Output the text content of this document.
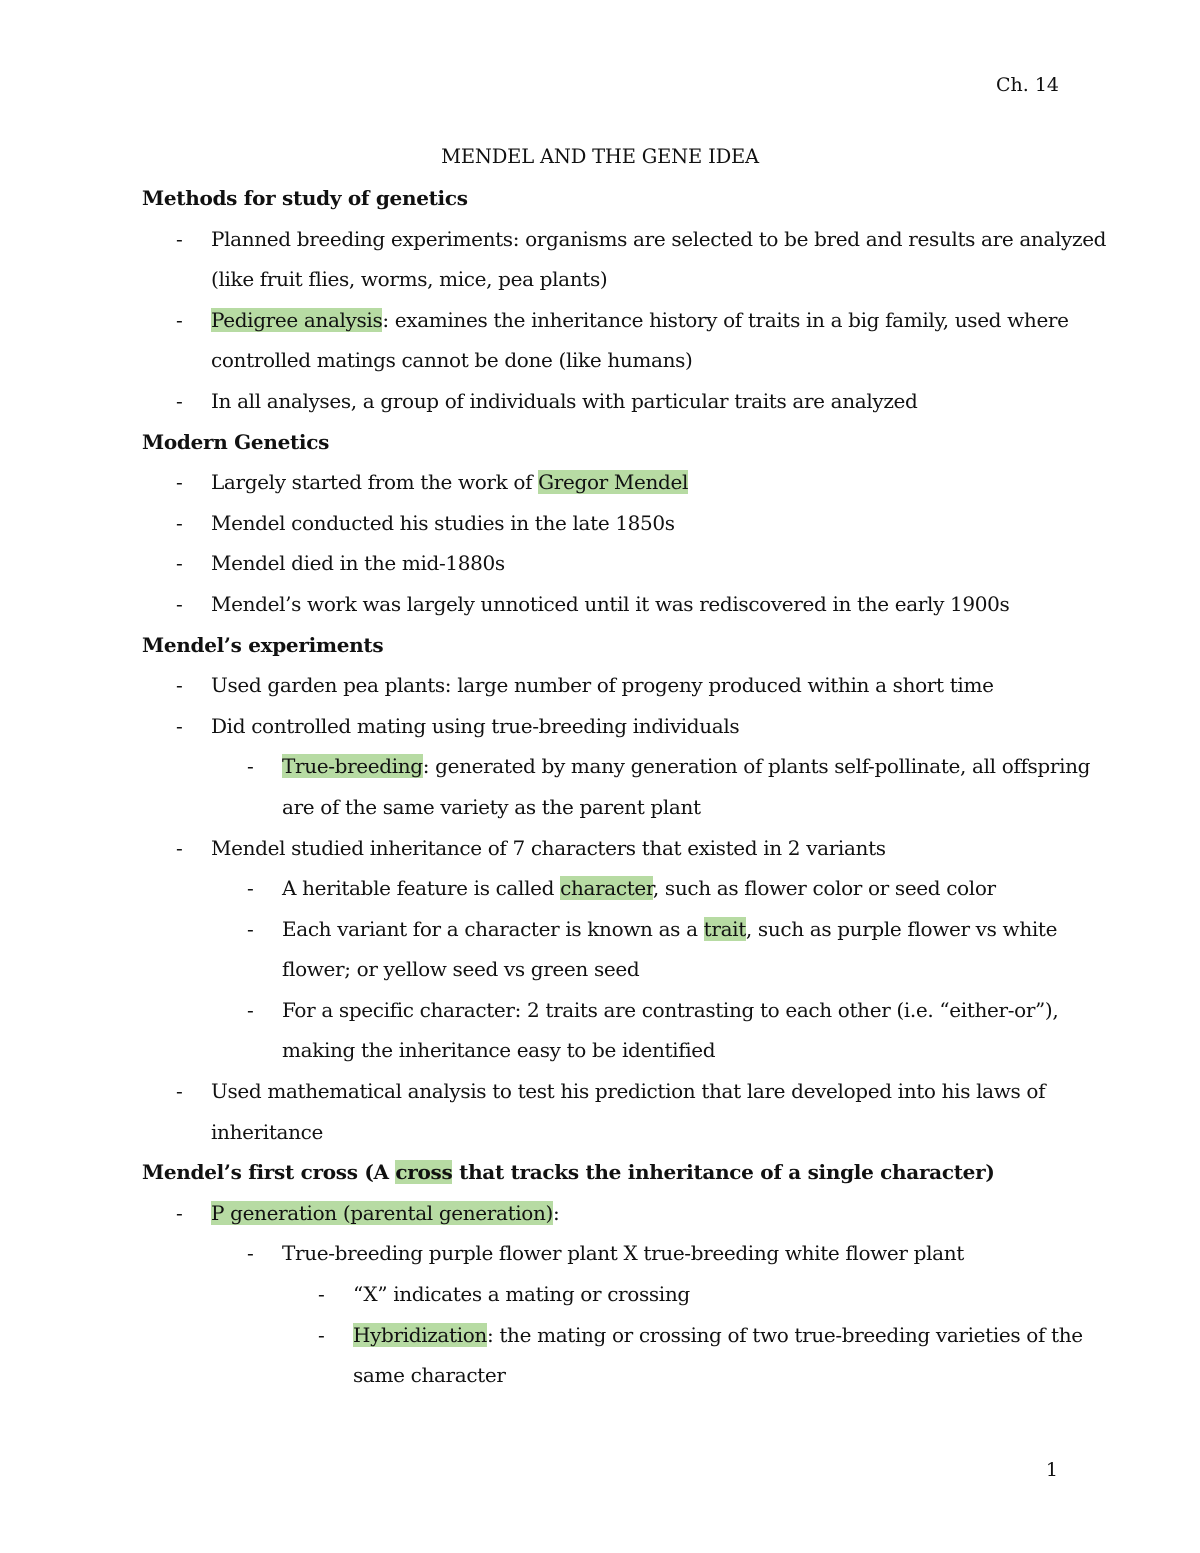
Ch. 14
MENDEL AND THE GENE IDEA
Methods for study of genetics
- Planned breeding experiments: organisms are selected to be bred and results are analyzed
(like fruit flies, worms, mice, pea plants)
- Pedigree analysis: examines the inheritance history of traits in a big family, used where
controlled matings cannot be done (like humans)
- In all analyses, a group of individuals with particular traits are analyzed
Modern Genetics
- Largely started from the work of Gregor Mendel
- Mendel conducted his studies in the late 1850s
- Mendel died in the mid-1880s
- Mendel’s work was largely unnoticed until it was rediscovered in the early 1900s
Mendel’s experiments
- Used garden pea plants: large number of progeny produced within a short time
- Did controlled mating using true-breeding individuals
- True-breeding: generated by many generation of plants self-pollinate, all offspring
are of the same variety as the parent plant
- Mendel studied inheritance of 7 characters that existed in 2 variants
- A heritable feature is called character, such as flower color or seed color
- Each variant for a character is known as a trait, such as purple flower vs white
flower; or yellow seed vs green seed
- For a specific character: 2 traits are contrasting to each other (i.e. “either-or”),
making the inheritance easy to be identified
- Used mathematical analysis to test his prediction that lare developed into his laws of
inheritance
Mendel’s first cross (A cross that tracks the inheritance of a single character)
- P generation (parental generation):
- True-breeding purple flower plant X true-breeding white flower plant
- “X” indicates a mating or crossing
- Hybridization: the mating or crossing of two true-breeding varieties of the
same character
1
